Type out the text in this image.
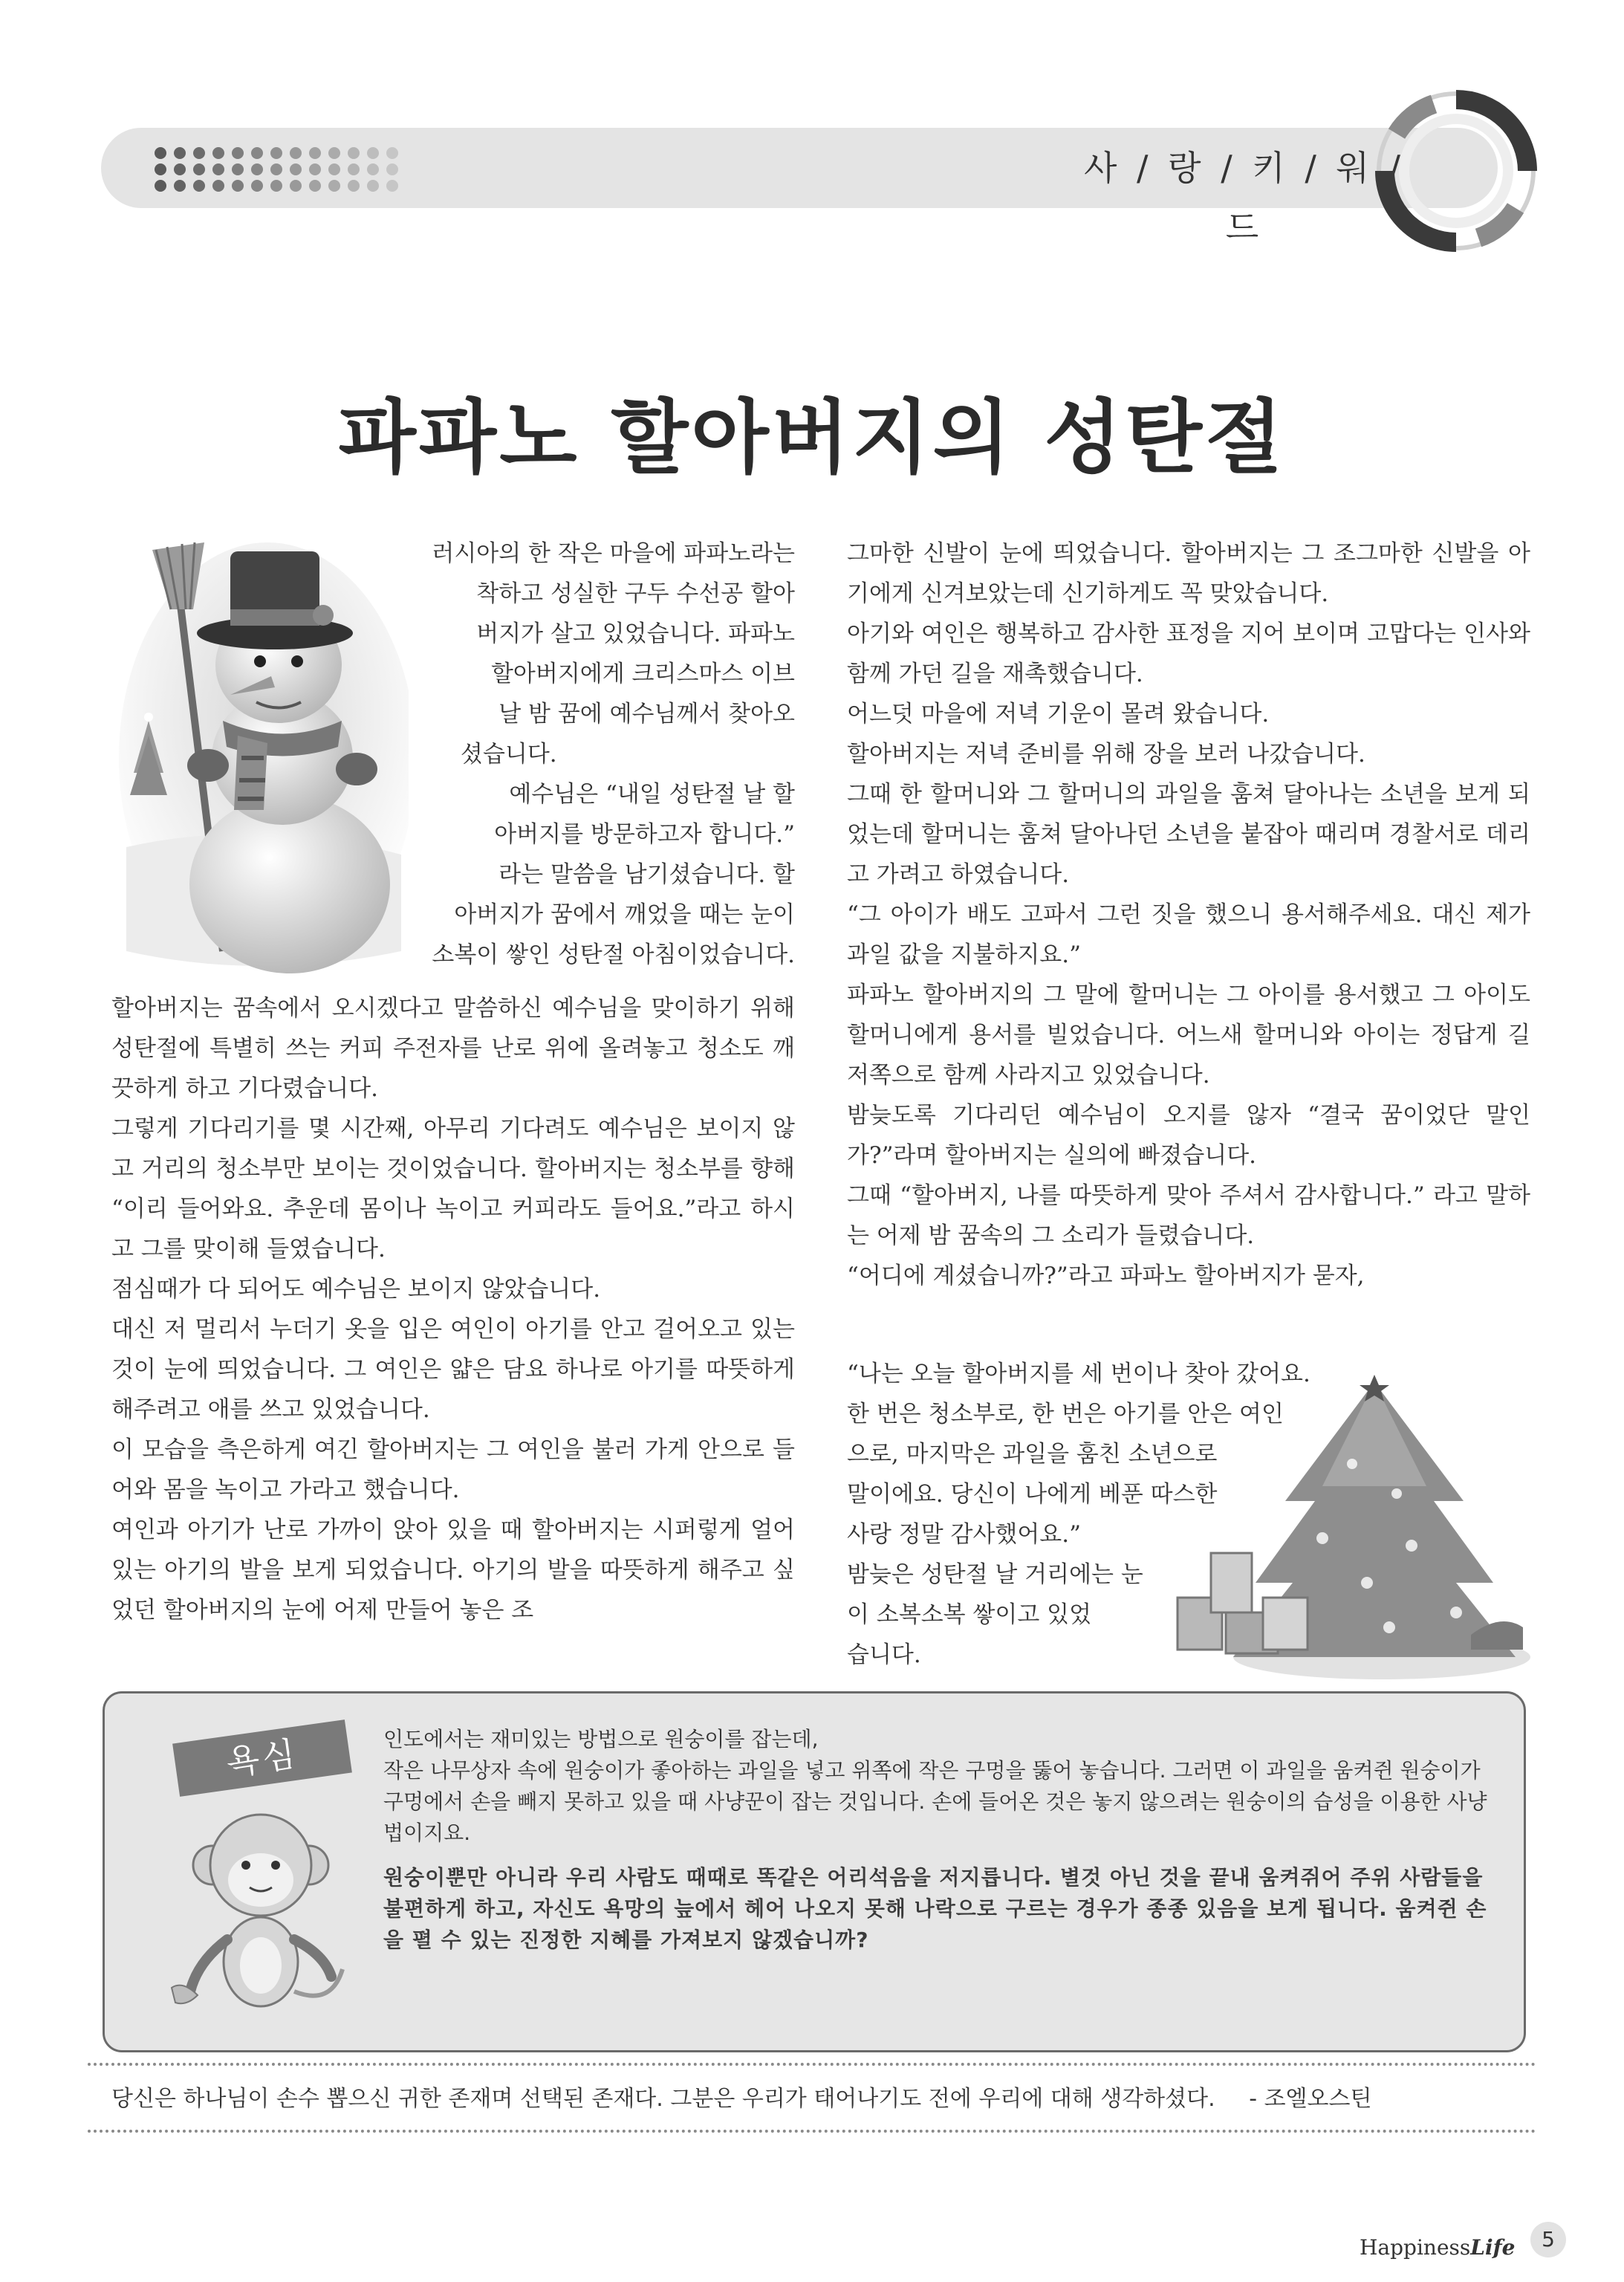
사 / 랑 / 키 / 워 / 드
파파노 할아버지의 성탄절

러시아의 한 작은 마을에 파파노라는

착하고 성실한 구두 수선공 할아

버지가 살고 있었습니다. 파파노

할아버지에게 크리스마스 이브

날 밤 꿈에 예수님께서 찾아오

셨습니다.

예수님은 “내일 성탄절 날 할

아버지를 방문하고자 합니다.”

라는 말씀을 남기셨습니다. 할

아버지가 꿈에서 깨었을 때는 눈이

소복이 쌓인 성탄절 아침이었습니다.

할아버지는 꿈속에서 오시겠다고 말씀하신 예수님을 맞이하기 위해 성탄절에 특별히 쓰는 커피 주전자를 난로 위에 올려놓고 청소도 깨끗하게 하고 기다렸습니다.

그렇게 기다리기를 몇 시간째, 아무리 기다려도 예수님은 보이지 않고 거리의 청소부만 보이는 것이었습니다. 할아버지는 청소부를 향해 “이리 들어와요. 추운데 몸이나 녹이고 커피라도 들어요.”라고 하시고 그를 맞이해 들였습니다.

점심때가 다 되어도 예수님은 보이지 않았습니다.

대신 저 멀리서 누더기 옷을 입은 여인이 아기를 안고 걸어오고 있는 것이 눈에 띄었습니다. 그 여인은 얇은 담요 하나로 아기를 따뜻하게 해주려고 애를 쓰고 있었습니다.

이 모습을 측은하게 여긴 할아버지는 그 여인을 불러 가게 안으로 들어와 몸을 녹이고 가라고 했습니다.

여인과 아기가 난로 가까이 앉아 있을 때 할아버지는 시퍼렇게 얼어 있는 아기의 발을 보게 되었습니다. 아기의 발을 따뜻하게 해주고 싶었던 할아버지의 눈에 어제 만들어 놓은 조

그마한 신발이 눈에 띄었습니다. 할아버지는 그 조그마한 신발을 아기에게 신겨보았는데 신기하게도 꼭 맞았습니다.

아기와 여인은 행복하고 감사한 표정을 지어 보이며 고맙다는 인사와 함께 가던 길을 재촉했습니다.

어느덧 마을에 저녁 기운이 몰려 왔습니다.

할아버지는 저녁 준비를 위해 장을 보러 나갔습니다.

그때 한 할머니와 그 할머니의 과일을 훔쳐 달아나는 소년을 보게 되었는데 할머니는 훔쳐 달아나던 소년을 붙잡아 때리며 경찰서로 데리고 가려고 하였습니다.

“그 아이가 배도 고파서 그런 짓을 했으니 용서해주세요. 대신 제가 과일 값을 지불하지요.”

파파노 할아버지의 그 말에 할머니는 그 아이를 용서했고 그 아이도 할머니에게 용서를 빌었습니다. 어느새 할머니와 아이는 정답게 길 저쪽으로 함께 사라지고 있었습니다.

밤늦도록 기다리던 예수님이 오지를 않자 “결국 꿈이었단 말인가?”라며 할아버지는 실의에 빠졌습니다.

그때 “할아버지, 나를 따뜻하게 맞아 주셔서 감사합니다.” 라고 말하는 어제 밤 꿈속의 그 소리가 들렸습니다.

“어디에 계셨습니까?”라고 파파노 할아버지가 묻자,

“나는 오늘 할아버지를 세 번이나 찾아 갔어요.

한 번은 청소부로, 한 번은 아기를 안은 여인

으로, 마지막은 과일을 훔친 소년으로

말이에요. 당신이 나에게 베푼 따스한

사랑 정말 감사했어요.”

밤늦은 성탄절 날 거리에는 눈

이 소복소복 쌓이고 있었

습니다.

욕심	인도에서는 재미있는 방법으로 원숭이를 잡는데,

작은 나무상자 속에 원숭이가 좋아하는 과일을 넣고 위쪽에 작은 구멍을 뚫어 놓습니다. 그러면 이 과일을 움켜쥔 원숭이가 구멍에서 손을 빼지 못하고 있을 때 사냥꾼이 잡는 것입니다. 손에 들어온 것은 놓지 않으려는 원숭이의 습성을 이용한 사냥법이지요.

원숭이뿐만 아니라 우리 사람도 때때로 똑같은 어리석음을 저지릅니다. 별것 아닌 것을 끝내 움켜쥐어 주위 사람들을 불편하게 하고, 자신도 욕망의 늪에서 헤어 나오지 못해 나락으로 구르는 경우가 종종 있음을 보게 됩니다. 움켜쥔 손을 펼 수 있는 진정한 지혜를 가져보지 않겠습니까?

당신은 하나님이 손수 뽑으신 귀한 존재며 선택된 존재다. 그분은 우리가 태어나기도 전에 우리에 대해 생각하셨다. - 조엘오스틴
HappinessLife	5
